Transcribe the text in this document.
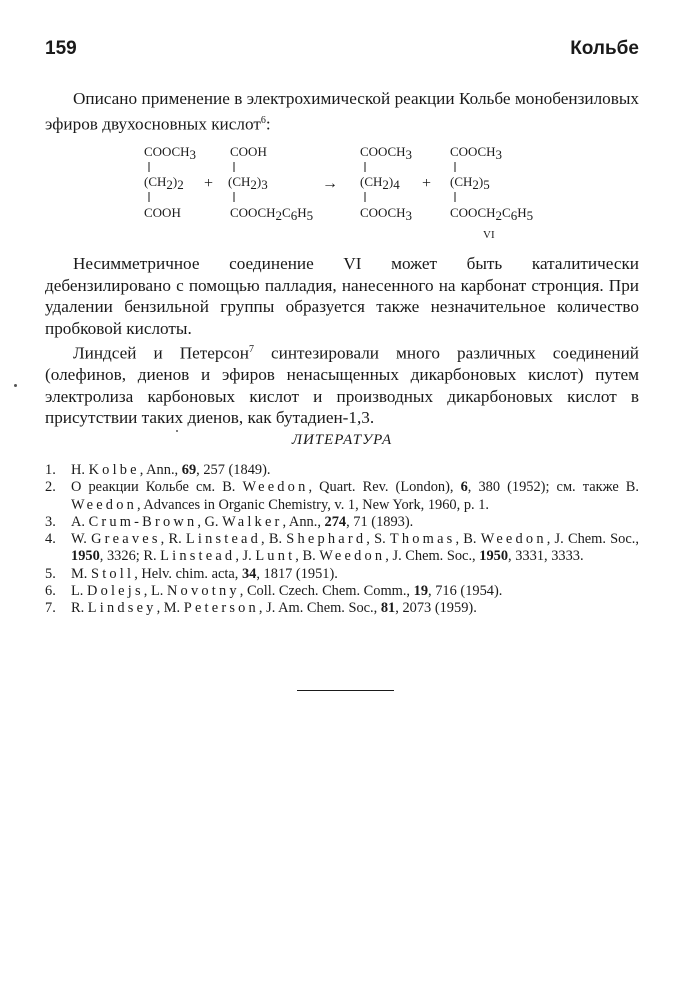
159	Кольбе

Описано применение в электрохимической реакции Кольбе монобензиловых эфиров двухосновных кислот$^6$:

COOCH3
(CH2)2
COOH
+
COOH
(CH2)3
COOCH2C6H5
→
COOCH3
(CH2)4
COOCH3
+
COOCH3
(CH2)5
COOCH2C6H5
VI

Несимметричное соединение VI может быть каталитически дебензилировано с помощью палладия, нанесенного на карбонат стронция. При удалении бензильной группы образуется также незначительное количество пробковой кислоты.

Линдсей и Петерсон$^7$ синтезировали много различных соединений (олефинов, диенов и эфиров ненасыщенных дикарбоновых кислот) путем электролиза карбоновых кислот и производных дикарбоновых кислот в присутствии таких диенов, как бутадиен-1,3.

ЛИТЕРАТУРА
1. H. Kolbe, Ann., 69, 257 (1849).
2. О реакции Кольбе см. B. Weedon, Quart. Rev. (London), 6, 380 (1952); см. также B. Weedon, Advances in Organic Chemistry, v. 1, New York, 1960, p. 1.
3. A. Crum-Brown, G. Walker, Ann., 274, 71 (1893).
4. W. Greaves, R. Linstead, B. Shephard, S. Thomas, B. Weedon, J. Chem. Soc., 1950, 3326; R. Linstead, J. Lunt, B. Weedon, J. Chem. Soc., 1950, 3331, 3333.
5. M. Stoll, Helv. chim. acta, 34, 1817 (1951).
6. L. Dolejs, L. Novotny, Coll. Czech. Chem. Comm., 19, 716 (1954).
7. R. Lindsey, M. Peterson, J. Am. Chem. Soc., 81, 2073 (1959).
